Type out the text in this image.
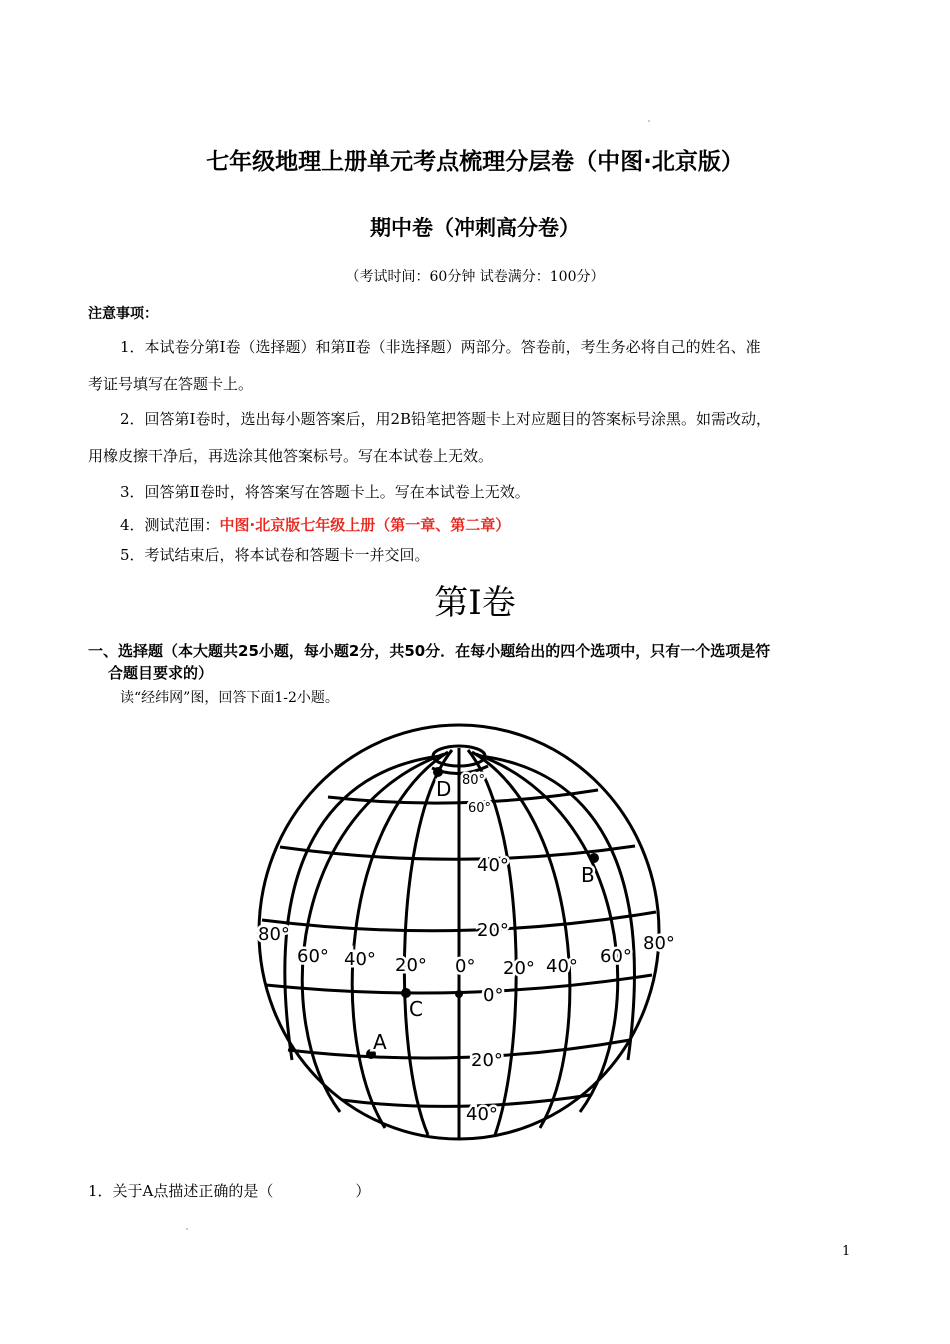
七年级地理上册单元考点梳理分层卷（中图·北京版）
期中卷（冲刺高分卷）
（考试时间：60分钟 试卷满分：100分）
注意事项：
1．本试卷分第Ⅰ卷（选择题）和第Ⅱ卷（非选择题）两部分。答卷前，考生务必将自己的姓名、准
考证号填写在答题卡上。
2．回答第Ⅰ卷时，选出每小题答案后，用2B铅笔把答题卡上对应题目的答案标号涂黑。如需改动，
用橡皮擦干净后，再选涂其他答案标号。写在本试卷上无效。
3．回答第Ⅱ卷时，将答案写在答题卡上。写在本试卷上无效。
4．测试范围：中图·北京版七年级上册（第一章、第二章）
5．考试结束后，将本试卷和答题卡一并交回。
第Ⅰ卷
一、选择题（本大题共25小题，每小题2分，共50分．在每小题给出的四个选项中，只有一个选项是符
合题目要求的）
读“经纬网”图，回答下面1-2小题。
A
B
C
D 80°
60°
40°
20°
0°
20°
40°
80°
60° 40° 20° 0° 20° 40° 60°
80°
1．关于A点描述正确的是（	）
1
